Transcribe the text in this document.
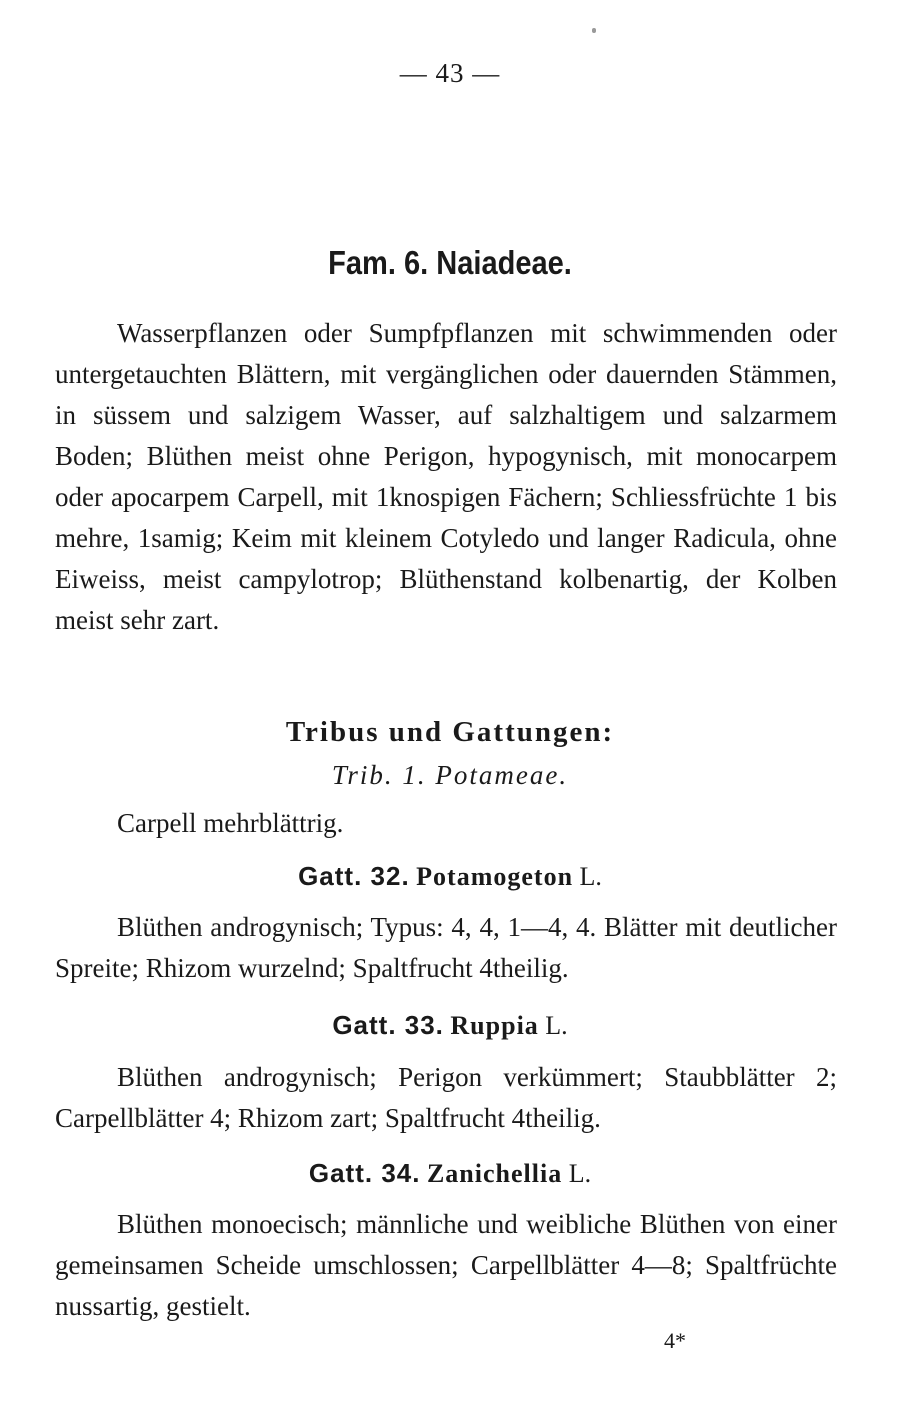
— 43 —
Fam. 6. Naiadeae.

Wasserpflanzen oder Sumpfpflanzen mit schwimmenden oder untergetauchten Blättern, mit vergänglichen oder dauernden Stämmen, in süssem und salzigem Wasser, auf salzhaltigem und salzarmem Boden; Blüthen meist ohne Perigon, hypogynisch, mit monocarpem oder apocarpem Carpell, mit 1knospigen Fächern; Schliessfrüchte 1 bis mehre, 1samig; Keim mit kleinem Cotyledo und langer Radicula, ohne Eiweiss, meist campylotrop; Blüthenstand kolbenartig, der Kolben meist sehr zart.

Tribus und Gattungen:
Trib. 1. Potameae.

Carpell mehrblättrig.

Gatt. 32. Potamogeton L.

Blüthen androgynisch; Typus: 4, 4, 1—4, 4. Blätter mit deutlicher Spreite; Rhizom wurzelnd; Spaltfrucht 4theilig.

Gatt. 33. Ruppia L.

Blüthen androgynisch; Perigon verkümmert; Staubblätter 2; Carpellblätter 4; Rhizom zart; Spaltfrucht 4theilig.

Gatt. 34. Zanichellia L.

Blüthen monoecisch; männliche und weibliche Blüthen von einer gemeinsamen Scheide umschlossen; Carpellblätter 4—8; Spaltfrüchte nussartig, gestielt.

4*
